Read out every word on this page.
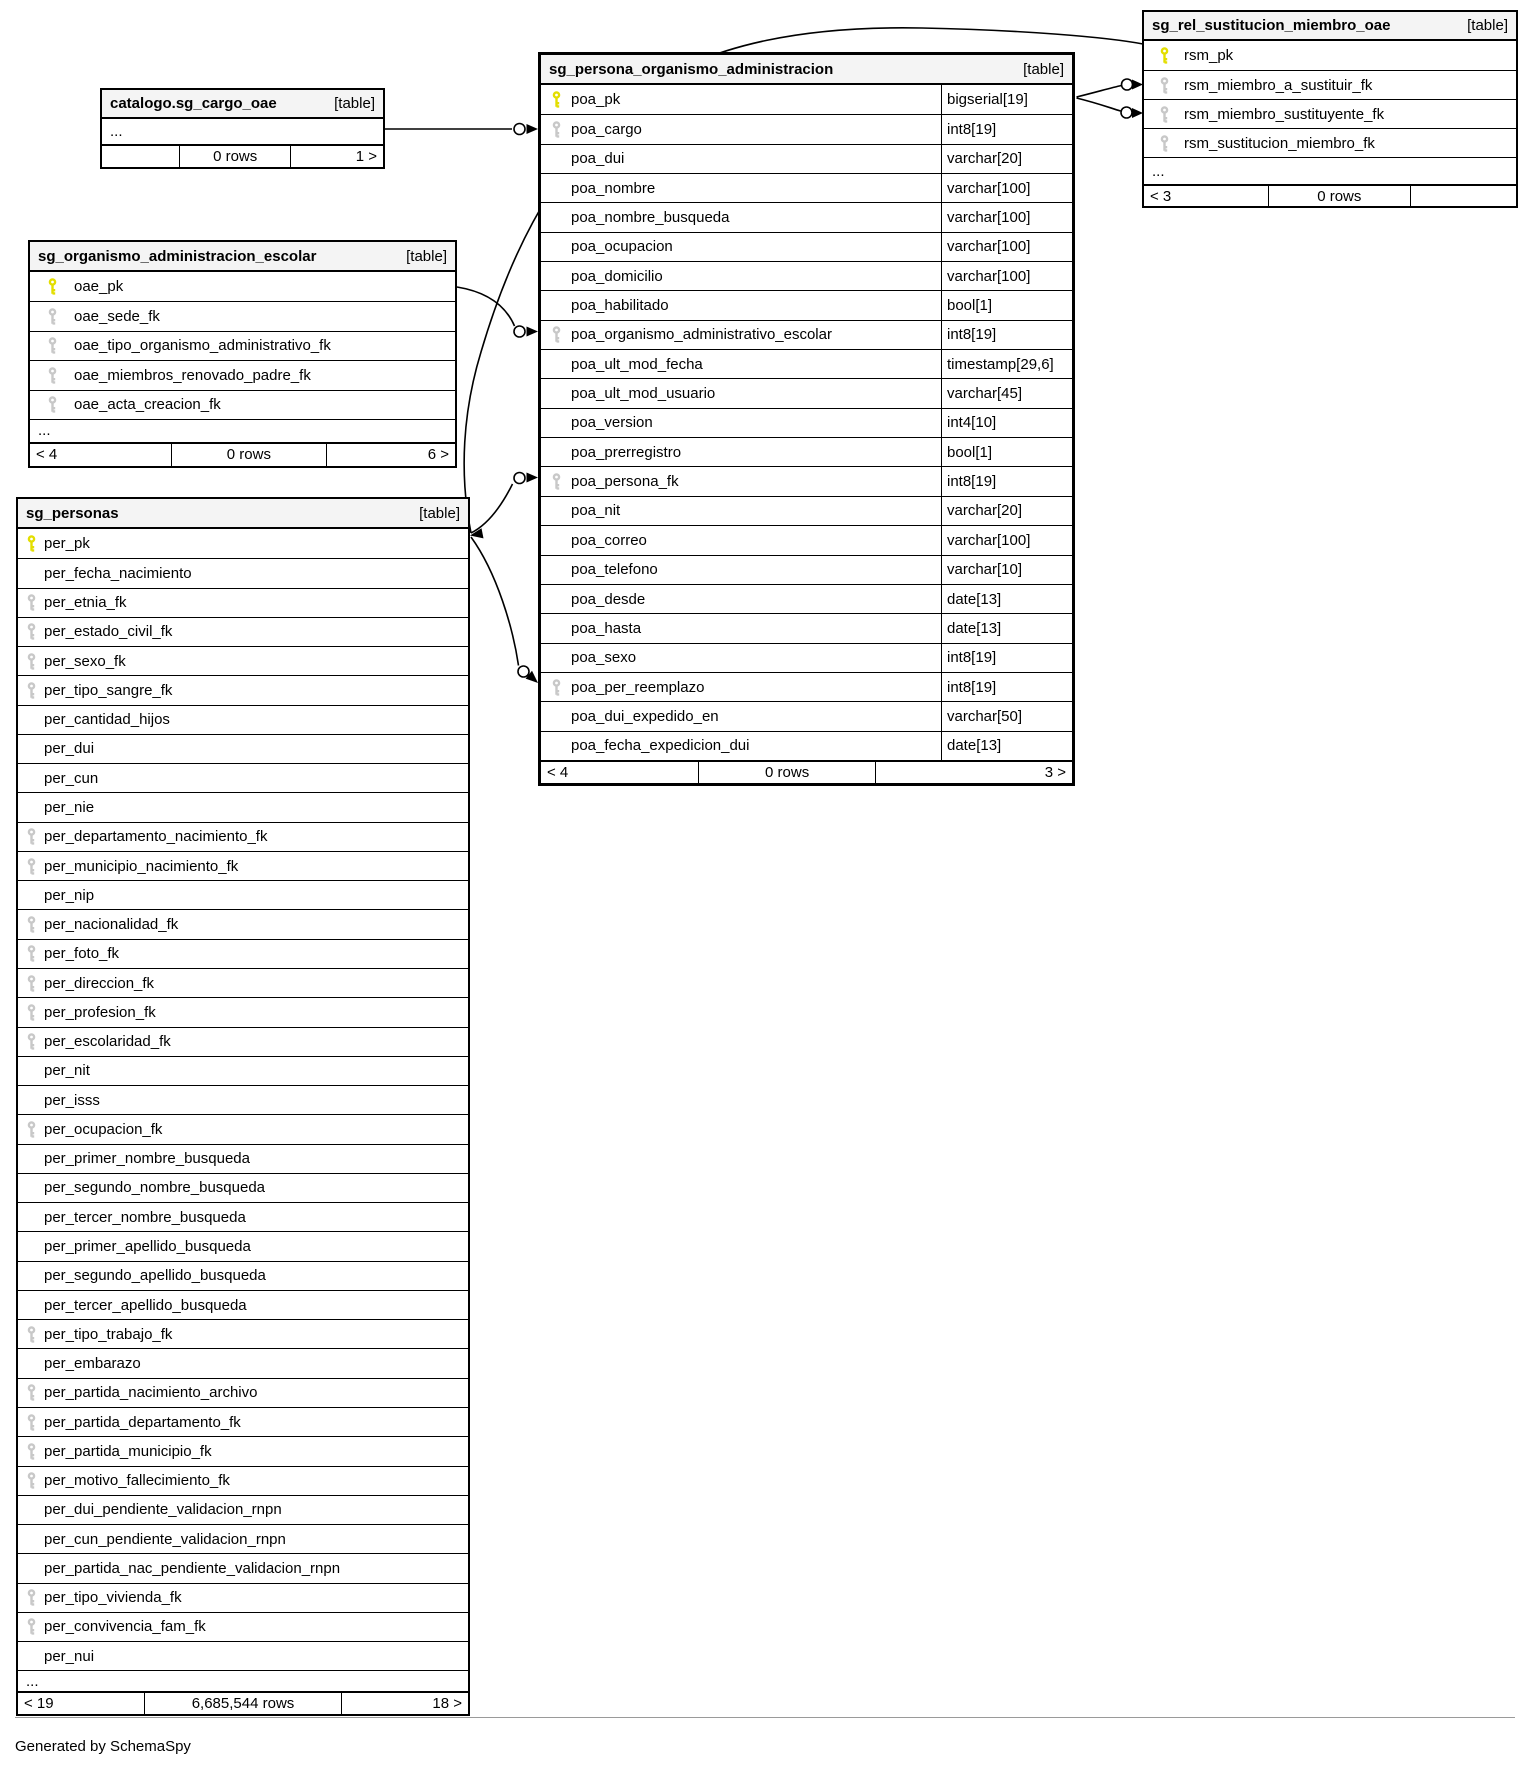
catalogo.sg_cargo_oae	[table]
...
0 rows	1 >
sg_organismo_administracion_escolar	[table]
oae_pk
oae_sede_fk
oae_tipo_organismo_administrativo_fk
oae_miembros_renovado_padre_fk
oae_acta_creacion_fk
...
< 4	0 rows	6 >
sg_personas	[table]
per_pk
per_fecha_nacimiento
per_etnia_fk
per_estado_civil_fk
per_sexo_fk
per_tipo_sangre_fk
per_cantidad_hijos
per_dui
per_cun
per_nie
per_departamento_nacimiento_fk
per_municipio_nacimiento_fk
per_nip
per_nacionalidad_fk
per_foto_fk
per_direccion_fk
per_profesion_fk
per_escolaridad_fk
per_nit
per_isss
per_ocupacion_fk
per_primer_nombre_busqueda
per_segundo_nombre_busqueda
per_tercer_nombre_busqueda
per_primer_apellido_busqueda
per_segundo_apellido_busqueda
per_tercer_apellido_busqueda
per_tipo_trabajo_fk
per_embarazo
per_partida_nacimiento_archivo
per_partida_departamento_fk
per_partida_municipio_fk
per_motivo_fallecimiento_fk
per_dui_pendiente_validacion_rnpn
per_cun_pendiente_validacion_rnpn
per_partida_nac_pendiente_validacion_rnpn
per_tipo_vivienda_fk
per_convivencia_fam_fk
per_nui
...
< 19	6,685,544 rows	18 >
sg_persona_organismo_administracion	[table]
poa_pk	bigserial[19]
poa_cargo	int8[19]
poa_dui	varchar[20]
poa_nombre	varchar[100]
poa_nombre_busqueda	varchar[100]
poa_ocupacion	varchar[100]
poa_domicilio	varchar[100]
poa_habilitado	bool[1]
poa_organismo_administrativo_escolar	int8[19]
poa_ult_mod_fecha	timestamp[29,6]
poa_ult_mod_usuario	varchar[45]
poa_version	int4[10]
poa_prerregistro	bool[1]
poa_persona_fk	int8[19]
poa_nit	varchar[20]
poa_correo	varchar[100]
poa_telefono	varchar[10]
poa_desde	date[13]
poa_hasta	date[13]
poa_sexo	int8[19]
poa_per_reemplazo	int8[19]
poa_dui_expedido_en	varchar[50]
poa_fecha_expedicion_dui	date[13]
< 4	0 rows	3 >
sg_rel_sustitucion_miembro_oae	[table]
rsm_pk
rsm_miembro_a_sustituir_fk
rsm_miembro_sustituyente_fk
rsm_sustitucion_miembro_fk
...
< 3	0 rows
Generated by SchemaSpy
